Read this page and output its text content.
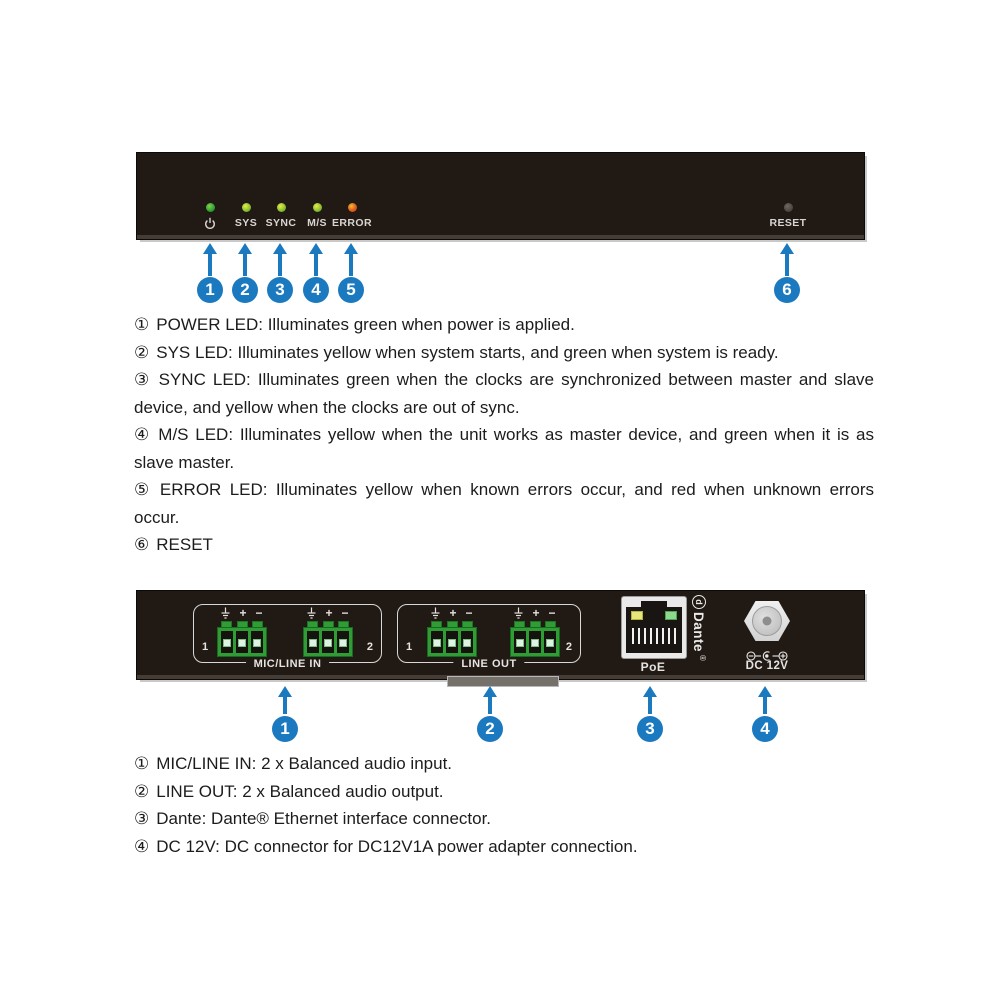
SYS SYNC	M/S ERROR	RESET
1	2	3	4	5	6

① POWER LED: Illuminates green when power is applied.

② SYS LED: Illuminates yellow when system starts, and green when system is ready.

③ SYNC LED: Illuminates green when the clocks are synchronized between master and slave device, and yellow when the clocks are out of sync.

④ M/S LED: Illuminates yellow when the unit works as master device, and green when it is as slave master.

⑤ ERROR LED: Illuminates yellow when known errors occur, and red when unknown errors occur.

⑥ RESET

1
+ −	+ −
2
MIC/LINE IN
1
+ −	+ −
2
LINE OUT	PoE
d
Dante
®
DC 12V
1	2	3	4

① MIC/LINE IN: 2 x Balanced audio input.

② LINE OUT: 2 x Balanced audio output.

③ Dante: Dante® Ethernet interface connector.

④ DC 12V: DC connector for DC12V1A power adapter connection.
